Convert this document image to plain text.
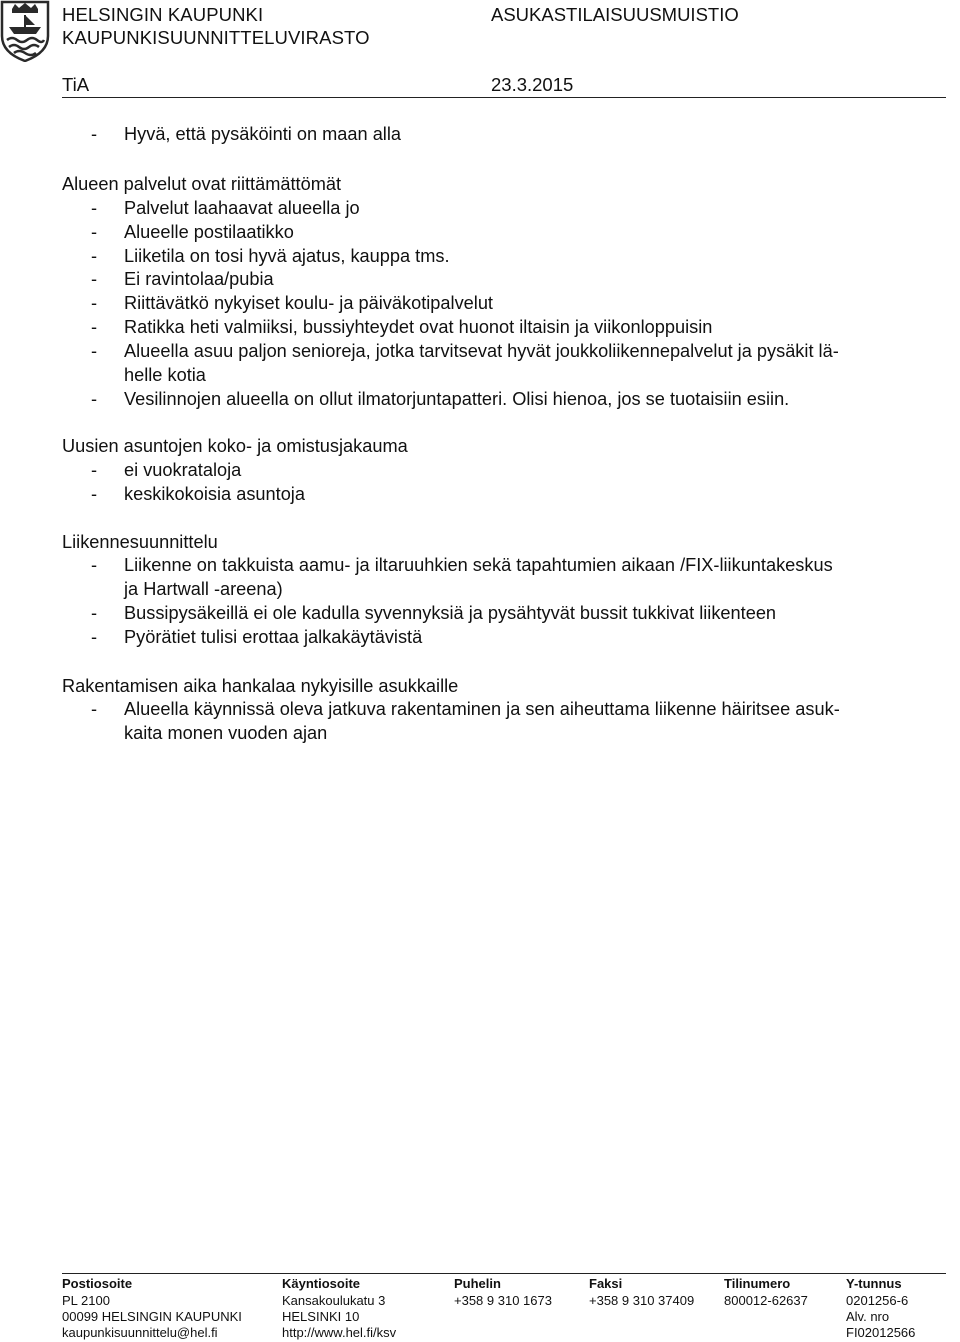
HELSINGIN KAUPUNKI
KAUPUNKISUUNNITTELUVIRASTO
ASUKASTILAISUUSMUISTIO
TiA	23.3.2015
- Hyvä, että pysäköinti on maan alla
Alueen palvelut ovat riittämättömät
- Palvelut laahaavat alueella jo
- Alueelle postilaatikko
- Liiketila on tosi hyvä ajatus, kauppa tms.
- Ei ravintolaa/pubia
- Riittävätkö nykyiset koulu- ja päiväkotipalvelut
- Ratikka heti valmiiksi, bussiyhteydet ovat huonot iltaisin ja viikonloppuisin
- Alueella asuu paljon senioreja, jotka tarvitsevat hyvät joukkoliikennepalvelut ja pysäkit lä-
helle kotia
- Vesilinnojen alueella on ollut ilmatorjuntapatteri. Olisi hienoa, jos se tuotaisiin esiin.
Uusien asuntojen koko- ja omistusjakauma
- ei vuokrataloja
- keskikokoisia asuntoja
Liikennesuunnittelu
- Liikenne on takkuista aamu- ja iltaruuhkien sekä tapahtumien aikaan /FIX-liikuntakeskus
ja Hartwall -areena)
- Bussipysäkeillä ei ole kadulla syvennyksiä ja pysähtyvät bussit tukkivat liikenteen
- Pyörätiet tulisi erottaa jalkakäytävistä
Rakentamisen aika hankalaa nykyisille asukkaille
- Alueella käynnissä oleva jatkuva rakentaminen ja sen aiheuttama liikenne häiritsee asuk-
kaita monen vuoden ajan
Postiosoite
PL 2100
00099 HELSINGIN KAUPUNKI
kaupunkisuunnittelu@hel.fi
Käyntiosoite
Kansakoulukatu 3
HELSINKI 10
http://www.hel.fi/ksv
Puhelin
+358 9 310 1673
Faksi
+358 9 310 37409
Tilinumero
800012-62637
Y-tunnus
0201256-6
Alv. nro
FI02012566
